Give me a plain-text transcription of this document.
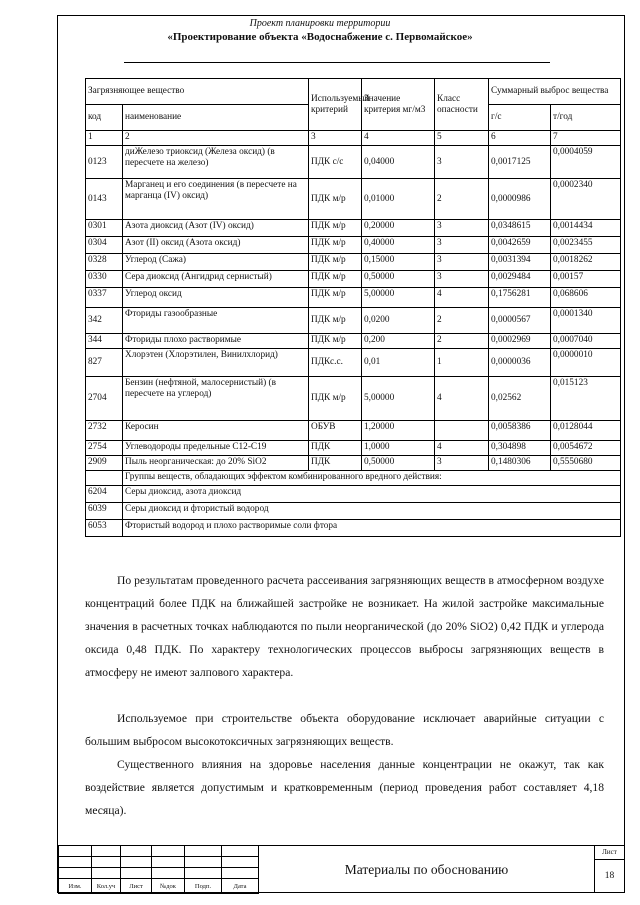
Проект планировки территории
«Проектирование объекта «Водоснабжение с. Первомайское»
Загрязняющее вещество		Используемый критерий	Значение критерия мг/м3	Класс опасности	Суммарный выброс вещества	
код	наименование				г/с	т/год
1	2	3	4	5	6	7
0123	диЖелезо триоксид (Железа оксид) (в пересчете на железо)	ПДК с/с	0,04000	3	0,0017125	0,0004059
0143	Марганец и его соединения (в пересчете на марганца (IV) оксид)	ПДК м/р	0,01000	2	0,0000986	0,0002340
0301	Азота диоксид (Азот (IV) оксид)	ПДК м/р	0,20000	3	0,0348615	0,0014434
0304	Азот (II) оксид (Азота оксид)	ПДК м/р	0,40000	3	0,0042659	0,0023455
0328	Углерод (Сажа)	ПДК м/р	0,15000	3	0,0031394	0,0018262
0330	Сера диоксид (Ангидрид сернистый)	ПДК м/р	0,50000	3	0,0029484	0,00157
0337	Углерод оксид	ПДК м/р	5,00000	4	0,1756281	0,068606
342	Фториды газообразные	ПДК м/р	0,0200	2	0,0000567	0,0001340
344	Фториды плохо растворимые	ПДК м/р	0,200	2	0,0002969	0,0007040
827	Хлорэтен (Хлорэтилен, Винилхлорид)	ПДКс.с.	0,01	1	0,0000036	0,0000010
2704	Бензин (нефтяной, малосернистый) (в пересчете на углерод)	ПДК м/р	5,00000	4	0,02562	0,015123
2732	Керосин	ОБУВ	1,20000		0,0058386	0,0128044
2754	Углеводороды предельные С12-С19	ПДК	1,0000	4	0,304898	0,0054672
2909	Пыль неорганическая: до 20% SiO2	ПДК	0,50000	3	0,1480306	0,5550680
	Группы веществ, обладающих эффектом комбинированного вредного действия:					
6204	Серы диоксид, азота диоксид					
6039	Серы диоксид и фтористый водород					
6053	Фтористый водород и плохо растворимые соли фтора					

По результатам проведенного расчета рассеивания загрязняющих веществ в атмосферном воздухе концентраций более ПДК на ближайшей застройке не возникает. На жилой застройке максимальные значения в расчетных точках наблюдаются по пыли неорганической (до 20% SiO2) 0,42 ПДК и углерода оксида 0,48 ПДК. По характеру технологических процессов выбросы загрязняющих веществ в атмосферу не имеют залпового характера.

Используемое при строительстве объекта оборудование исключает аварийные ситуации с большим выбросом высокотоксичных загрязняющих веществ.

Существенного влияния на здоровье населения данные концентрации не окажут, так как воздействие является допустимым и кратковременным (период проведения работ составляет 4,18 месяца).

Изм.	Кол.уч	Лист	№док	Подп.	Дата
Материалы по обоснованию
Лист
18
